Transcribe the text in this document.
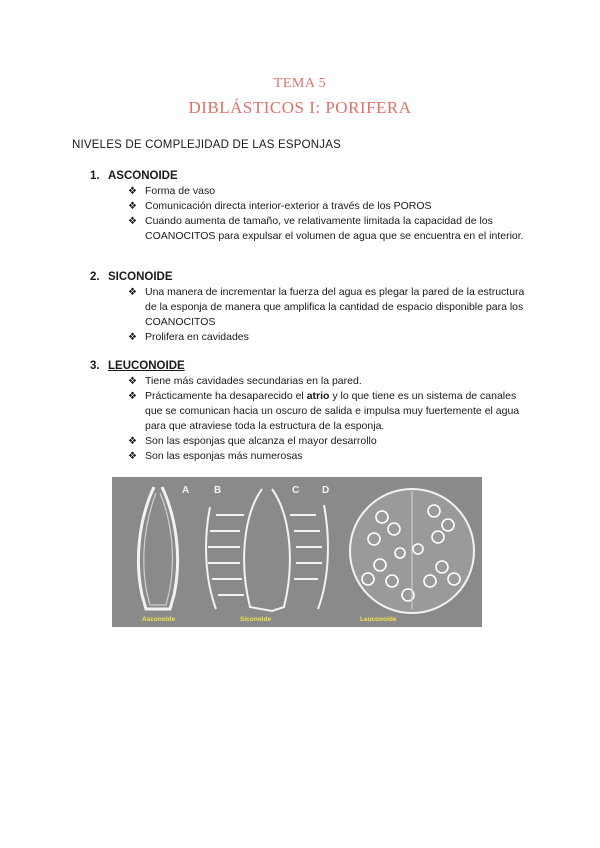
TEMA 5
DIBLÁSTICOS I: PORIFERA
NIVELES DE COMPLEJIDAD DE LAS ESPONJAS
1. ASCONOIDE
❖ Forma de vaso
❖ Comunicación directa interior-exterior a través de los POROS
❖ Cuando aumenta de tamaño, ve relativamente limitada la capacidad de los COANOCITOS para expulsar el volumen de agua que se encuentra en el interior.
2. SICONOIDE
❖ Una manera de incrementar la fuerza del agua es plegar la pared de la estructura de la esponja de manera que amplifica la cantidad de espacio disponible para los COANOCITOS
❖ Prolifera en cavidades
3. LEUCONOIDE
❖ Tiene más cavidades secundarias en la pared.
❖ Prácticamente ha desaparecido el atrio y lo que tiene es un sistema de canales que se comunican hacia un oscuro de salida e impulsa muy fuertemente el agua para que atraviese toda la estructura de la esponja.
❖ Son las esponjas que alcanza el mayor desarrollo
❖ Son las esponjas más numerosas
A B	C D
Asconoide	Siconoide	Leuconoide
